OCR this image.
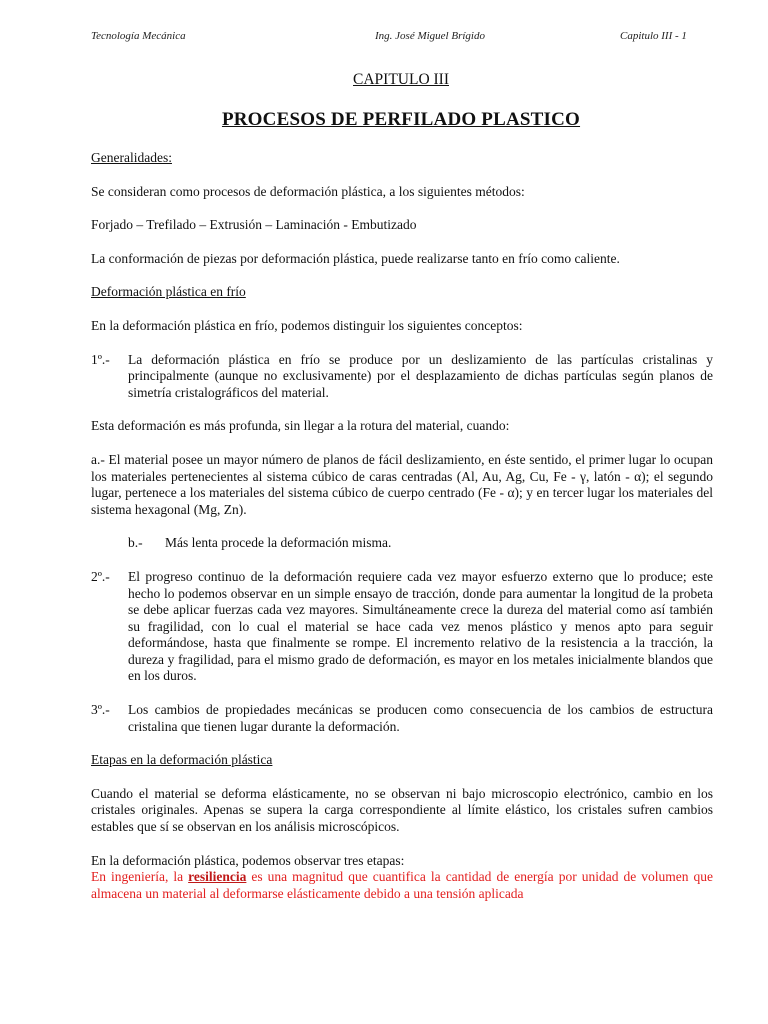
Tecnología Mecánica	Ing. José Miguel Brígido	Capitulo III - 1
CAPITULO III
PROCESOS DE PERFILADO PLASTICO

Generalidades:

Se consideran como procesos de deformación plástica, a los siguientes métodos:

Forjado – Trefilado – Extrusión – Laminación - Embutizado

La conformación de piezas por deformación plástica, puede realizarse tanto en frío como caliente.

Deformación plástica en frío

En la deformación plástica en frío, podemos distinguir los siguientes conceptos:

1º.-	La deformación plástica en frío se produce por un deslizamiento de las partículas cristalinas y principalmente (aunque no exclusivamente) por el desplazamiento de dichas partículas según planos de simetría cristalográficos del material.

Esta deformación es más profunda, sin llegar a la rotura del material, cuando:

a.- El material posee un mayor número de planos de fácil deslizamiento, en éste sentido, el primer lugar lo ocupan los materiales pertenecientes al sistema cúbico de caras centradas (Al, Au, Ag, Cu, Fe - γ, latón - α); el segundo lugar, pertenece a los materiales del sistema cúbico de cuerpo centrado (Fe - α); y en tercer lugar los materiales del sistema hexagonal (Mg, Zn).

b.-	Más lenta procede la deformación misma.
2º.-	El progreso continuo de la deformación requiere cada vez mayor esfuerzo externo que lo produce; este hecho lo podemos observar en un simple ensayo de tracción, donde para aumentar la longitud de la probeta se debe aplicar fuerzas cada vez mayores. Simultáneamente crece la dureza del material como así también su fragilidad, con lo cual el material se hace cada vez menos plástico y menos apto para seguir deformándose, hasta que finalmente se rompe. El incremento relativo de la resistencia a la tracción, la dureza y fragilidad, para el mismo grado de deformación, es mayor en los metales inicialmente blandos que en los duros.
3º.-	Los cambios de propiedades mecánicas se producen como consecuencia de los cambios de estructura cristalina que tienen lugar durante la deformación.

Etapas en la deformación plástica

Cuando el material se deforma elásticamente, no se observan ni bajo microscopio electrónico, cambio en los cristales originales. Apenas se supera la carga correspondiente al límite elástico, los cristales sufren cambios estables que sí se observan en los análisis microscópicos.

En la deformación plástica, podemos observar tres etapas:

En ingeniería, la resiliencia es una magnitud que cuantifica la cantidad de energía por unidad de volumen que almacena un material al deformarse elásticamente debido a una tensión aplicada
